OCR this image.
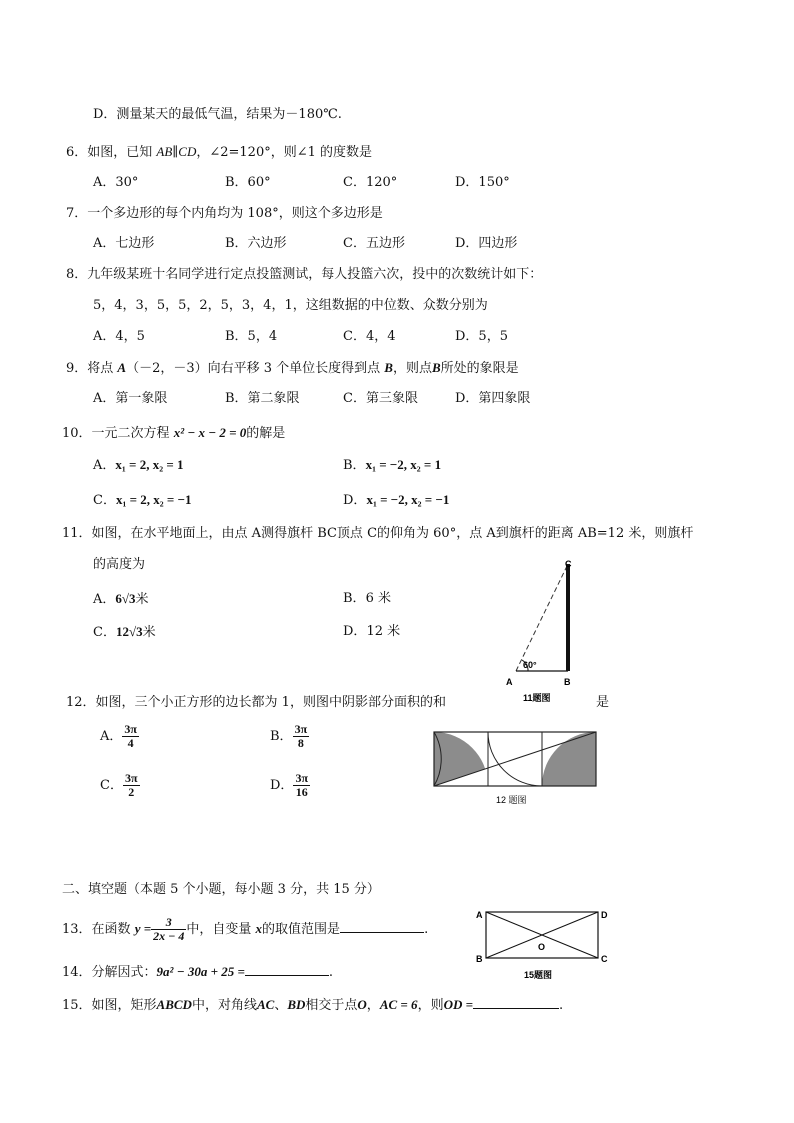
D．测量某天的最低气温，结果为－180℃.
6．如图，已知 AB∥CD，∠2=120°，则∠1 的度数是
A．30°	B．60°	C．120°	D．150°
7．一个多边形的每个内角均为 108°，则这个多边形是
A．七边形	B．六边形	C．五边形	D．四边形
8．九年级某班十名同学进行定点投篮测试，每人投篮六次，投中的次数统计如下：
5，4，3，5，5，2，5，3，4，1，这组数据的中位数、众数分别为
A．4，5	B．5，4	C．4，4	D．5，5
9．将点 A（－2，－3）向右平移 3 个单位长度得到点 B，则点B所处的象限是
A．第一象限	B．第二象限	C．第三象限	D．第四象限
10．一元二次方程 x² − x − 2 = 0的解是
A．x₁ = 2, x₂ = 1	B．x₁ = −2, x₂ = 1
C．x₁ = 2, x₂ = −1	D．x₁ = −2, x₂ = −1
11．如图，在水平地面上，由点 A测得旗杆 BC顶点 C的仰角为 60°，点 A到旗杆的距离 AB=12 米，则旗杆
的高度为
A．6√3米	B．6 米
C．12√3米	D．12 米
C
60°
A	B
11题图
12．如图，三个小正方形的边长都为 1，则图中阴影部分面积的和	是
A． $\frac{3\pi}{4}$	B． $\frac{3\pi}{8}$
C． $\frac{3\pi}{2}$	D． $\frac{3\pi}{16}$
12 题图
二、填空题（本题 5 个小题，每小题 3 分，共 15 分）
13．在函数 $y = \frac{3}{2x - 4}$ 中，自变量 x的取值范围是	.
14．分解因式：9a² − 30a + 25 =	.
15．如图，矩形ABCD中，对角线AC、BD相交于点O，AC = 6，则OD =	.
A	D
B	C
O
15题图
